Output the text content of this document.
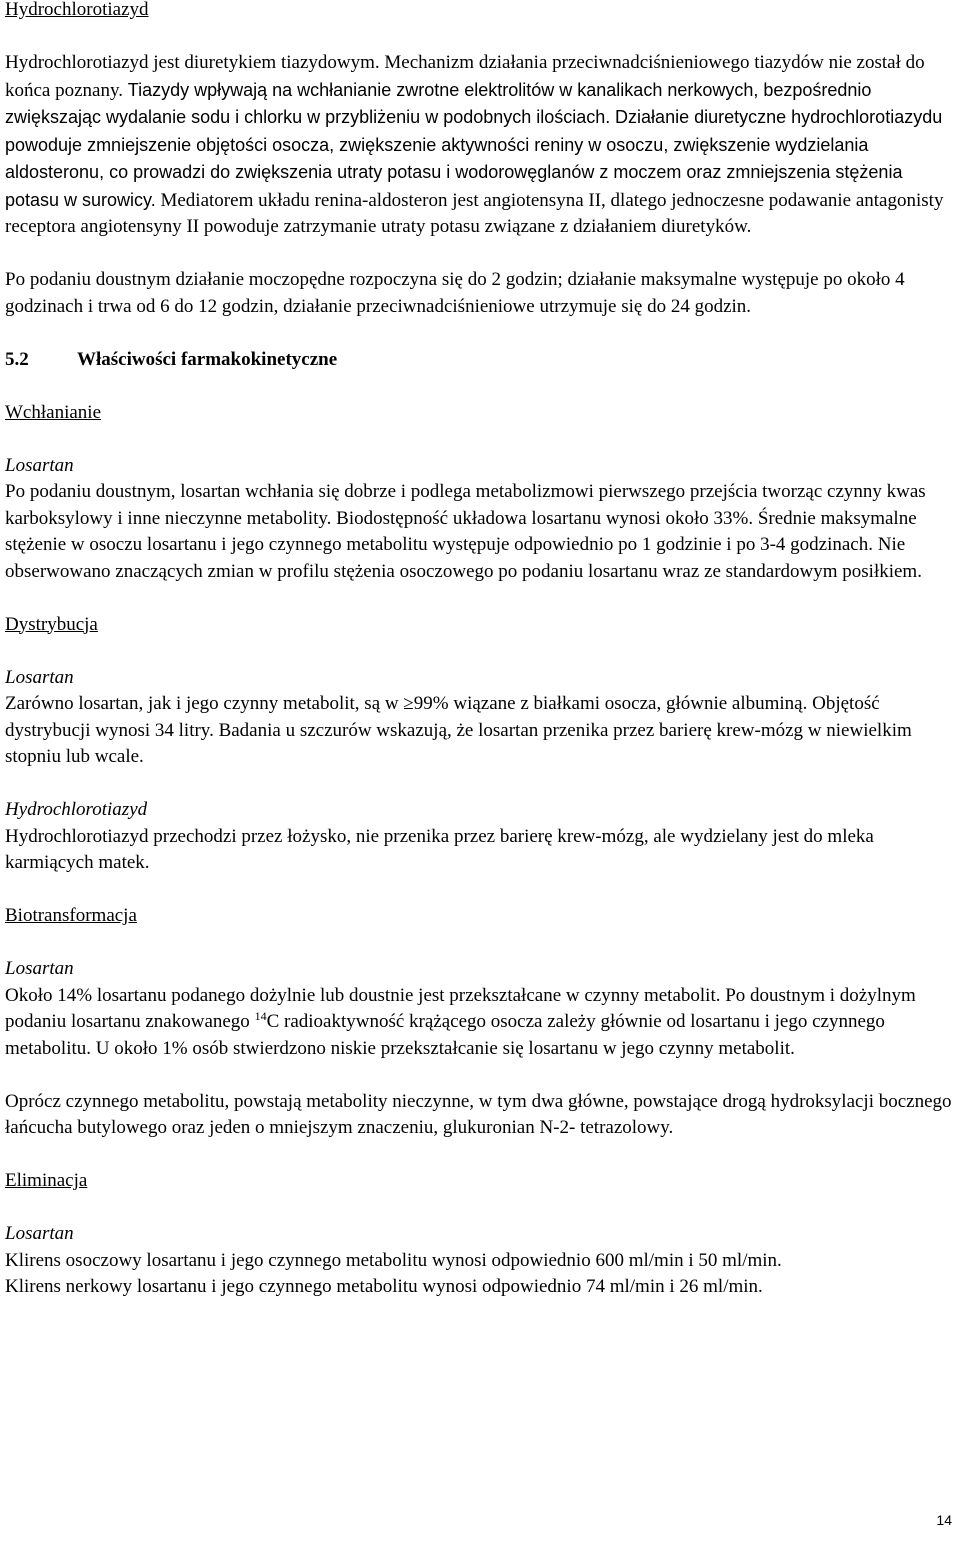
Hydrochlorotiazyd

Hydrochlorotiazyd jest diuretykiem tiazydowym. Mechanizm działania przeciwnadciśnieniowego tiazydów nie został do końca poznany. Tiazydy wpływają na wchłanianie zwrotne elektrolitów w kanalikach nerkowych, bezpośrednio zwiększając wydalanie sodu i chlorku w przybliżeniu w podobnych ilościach. Działanie diuretyczne hydrochlorotiazydu powoduje zmniejszenie objętości osocza, zwiększenie aktywności reniny w osoczu, zwiększenie wydzielania aldosteronu, co prowadzi do zwiększenia utraty potasu i wodorowęglanów z moczem oraz zmniejszenia stężenia potasu w surowicy. Mediatorem układu renina-aldosteron jest angiotensyna II, dlatego jednoczesne podawanie antagonisty receptora angiotensyny II powoduje zatrzymanie utraty potasu związane z działaniem diuretyków.

Po podaniu doustnym działanie moczopędne rozpoczyna się do 2 godzin; działanie maksymalne występuje po około 4 godzinach i trwa od 6 do 12 godzin, działanie przeciwnadciśnieniowe utrzymuje się do 24 godzin.

5.2	Właściwości farmakokinetyczne

Wchłanianie

Losartan

Po podaniu doustnym, losartan wchłania się dobrze i podlega metabolizmowi pierwszego przejścia tworząc czynny kwas karboksylowy i inne nieczynne metabolity. Biodostępność układowa losartanu wynosi około 33%. Średnie maksymalne stężenie w osoczu losartanu i jego czynnego metabolitu występuje odpowiednio po 1 godzinie i po 3-4 godzinach. Nie obserwowano znaczących zmian w profilu stężenia osoczowego po podaniu losartanu wraz ze standardowym posiłkiem.

Dystrybucja

Losartan

Zarówno losartan, jak i jego czynny metabolit, są w ≥99% wiązane z białkami osocza, głównie albuminą. Objętość dystrybucji wynosi 34 litry. Badania u szczurów wskazują, że losartan przenika przez barierę krew-mózg w niewielkim stopniu lub wcale.

Hydrochlorotiazyd

Hydrochlorotiazyd przechodzi przez łożysko, nie przenika przez barierę krew-mózg, ale wydzielany jest do mleka karmiących matek.

Biotransformacja

Losartan

Około 14% losartanu podanego dożylnie lub doustnie jest przekształcane w czynny metabolit. Po doustnym i dożylnym podaniu losartanu znakowanego $^{14}$C radioaktywność krążącego osocza zależy głównie od losartanu i jego czynnego metabolitu. U około 1% osób stwierdzono niskie przekształcanie się losartanu w jego czynny metabolit.

Oprócz czynnego metabolitu, powstają metabolity nieczynne, w tym dwa główne, powstające drogą hydroksylacji bocznego łańcucha butylowego oraz jeden o mniejszym znaczeniu, glukuronian N-2- tetrazolowy.

Eliminacja

Losartan

Klirens osoczowy losartanu i jego czynnego metabolitu wynosi odpowiednio 600 ml/min i 50 ml/min.

Klirens nerkowy losartanu i jego czynnego metabolitu wynosi odpowiednio 74 ml/min i 26 ml/min.

14
